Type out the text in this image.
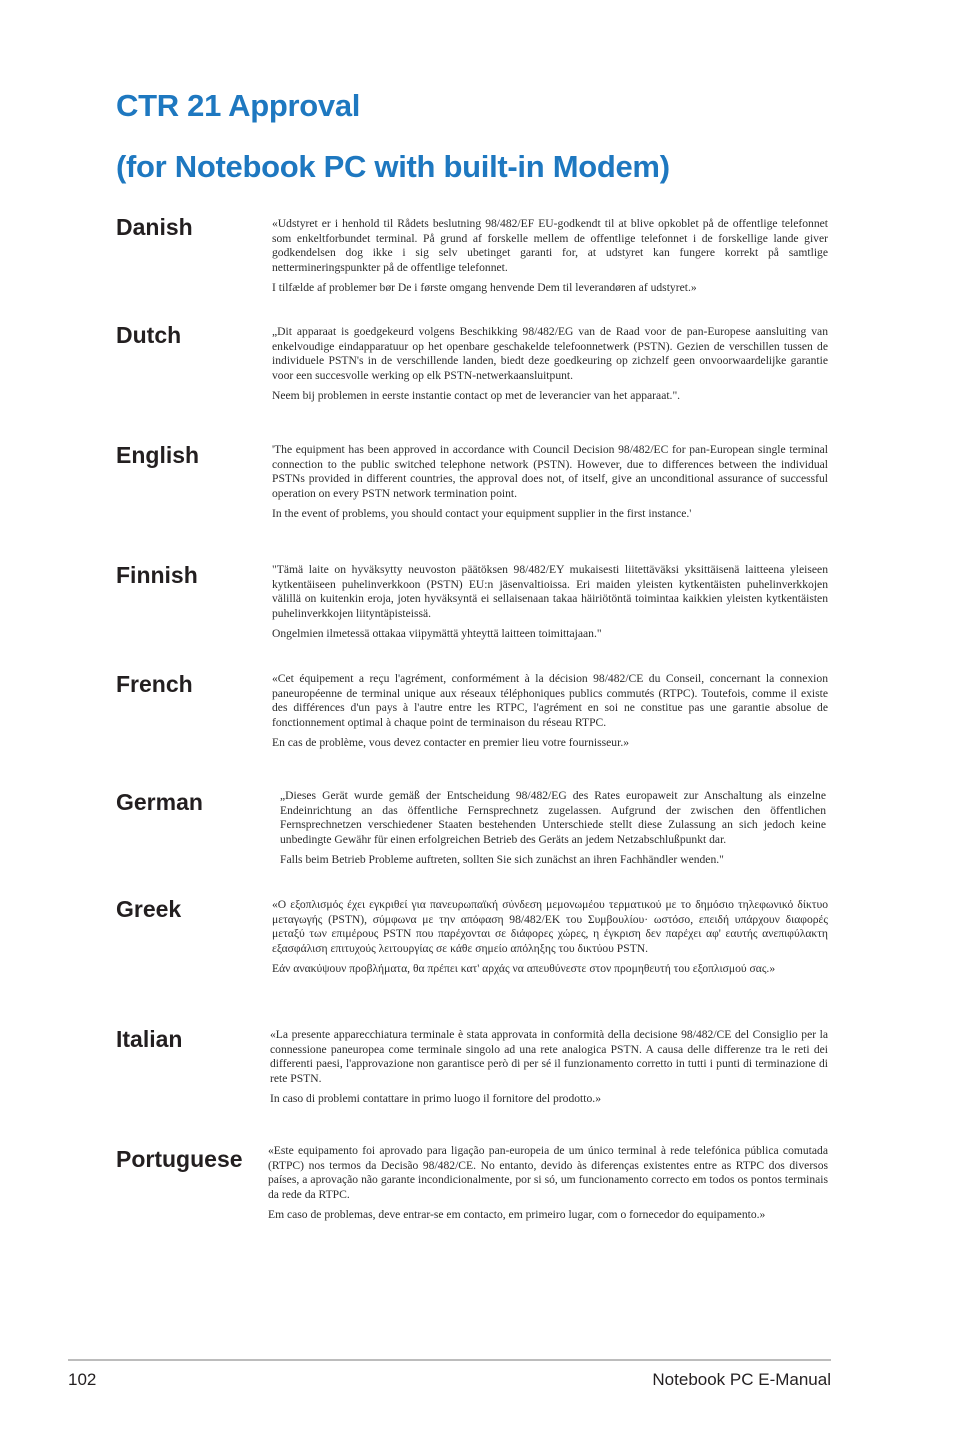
CTR 21 Approval
(for Notebook PC with built-in Modem)
Danish	«Udstyret er i henhold til Rådets beslutning 98/482/EF EU-godkendt til at blive opkoblet på de offentlige telefonnet som enkeltforbundet terminal. På grund af forskelle mellem de offentlige telefonnet i de forskellige lande giver godkendelsen dog ikke i sig selv ubetinget garanti for, at udstyret kan fungere korrekt på samtlige nettermineringspunkter på de offentlige telefonnet.

I tilfælde af problemer bør De i første omgang henvende Dem til leverandøren af udstyret.»

Dutch	„Dit apparaat is goedgekeurd volgens Beschikking 98/482/EG van de Raad voor de pan-Europese aansluiting van enkelvoudige eindapparatuur op het openbare geschakelde telefoonnetwerk (PSTN). Gezien de verschillen tussen de individuele PSTN's in de verschillende landen, biedt deze goedkeuring op zichzelf geen onvoorwaardelijke garantie voor een succesvolle werking op elk PSTN-netwerkaansluitpunt.

Neem bij problemen in eerste instantie contact op met de leverancier van het apparaat.".

English	'The equipment has been approved in accordance with Council Decision 98/482/EC for pan-European single terminal connection to the public switched telephone network (PSTN). However, due to differences between the individual PSTNs provided in different countries, the approval does not, of itself, give an unconditional assurance of successful operation on every PSTN network termination point.

In the event of problems, you should contact your equipment supplier in the first instance.'

Finnish	"Tämä laite on hyväksytty neuvoston päätöksen 98/482/EY mukaisesti liitettäväksi yksittäisenä laitteena yleiseen kytkentäiseen puhelinverkkoon (PSTN) EU:n jäsenvaltioissa. Eri maiden yleisten kytkentäisten puhelinverkkojen välillä on kuitenkin eroja, joten hyväksyntä ei sellaisenaan takaa häiriötöntä toimintaa kaikkien yleisten kytkentäisten puhelinverkkojen liityntäpisteissä.

Ongelmien ilmetessä ottakaa viipymättä yhteyttä laitteen toimittajaan."

French	«Cet équipement a reçu l'agrément, conformément à la décision 98/482/CE du Conseil, concernant la connexion paneuropéenne de terminal unique aux réseaux téléphoniques publics commutés (RTPC). Toutefois, comme il existe des différences d'un pays à l'autre entre les RTPC, l'agrément en soi ne constitue pas une garantie absolue de fonctionnement optimal à chaque point de terminaison du réseau RTPC.

En cas de problème, vous devez contacter en premier lieu votre fournisseur.»

German	„Dieses Gerät wurde gemäß der Entscheidung 98/482/EG des Rates europaweit zur Anschaltung als einzelne Endeinrichtung an das öffentliche Fernsprechnetz zugelassen. Aufgrund der zwischen den öffentlichen Fernsprechnetzen verschiedener Staaten bestehenden Unterschiede stellt diese Zulassung an sich jedoch keine unbedingte Gewähr für einen erfolgreichen Betrieb des Geräts an jedem Netzabschlußpunkt dar.

Falls beim Betrieb Probleme auftreten, sollten Sie sich zunächst an ihren Fachhändler wenden."

Greek	«Ο εξοπλισμός έχει εγκριθεί για πανευρωπαϊκή σύνδεση μεμονωμέου τερματικού με το δημόσιο τηλεφωνικό δίκτυο μεταγωγής (PSTN), σύμφωνα με την απόφαση 98/482/ΕΚ του Συμβουλίου· ωστόσο, επειδή υπάρχουν διαφορές μεταξύ των επιμέρους PSTN που παρέχονται σε διάφορες χώρες, η έγκριση δεν παρέχει αφ' εαυτής ανεπιφύλακτη εξασφάλιση επιτυχούς λειτουργίας σε κάθε σημείο απόληξης του δικτύου PSTN.

Εάν ανακύψουν προβλήματα, θα πρέπει κατ' αρχάς να απευθύνεστε στον προμηθευτή του εξοπλισμού σας.»

Italian	«La presente apparecchiatura terminale è stata approvata in conformità della decisione 98/482/CE del Consiglio per la connessione paneuropea come terminale singolo ad una rete analogica PSTN. A causa delle differenze tra le reti dei differenti paesi, l'approvazione non garantisce però di per sé il funzionamento corretto in tutti i punti di terminazione di rete PSTN.

In caso di problemi contattare in primo luogo il fornitore del prodotto.»

Portuguese «Este equipamento foi aprovado para ligação pan-europeia de um único terminal à rede telefónica pública comutada (RTPC) nos termos da Decisão 98/482/CE. No entanto, devido às diferenças existentes entre as RTPC dos diversos países, a aprovação não garante incondicionalmente, por si só, um funcionamento correcto em todos os pontos terminais da rede da RTPC.

Em caso de problemas, deve entrar-se em contacto, em primeiro lugar, com o fornecedor do equipamento.»

102	Notebook PC E-Manual
